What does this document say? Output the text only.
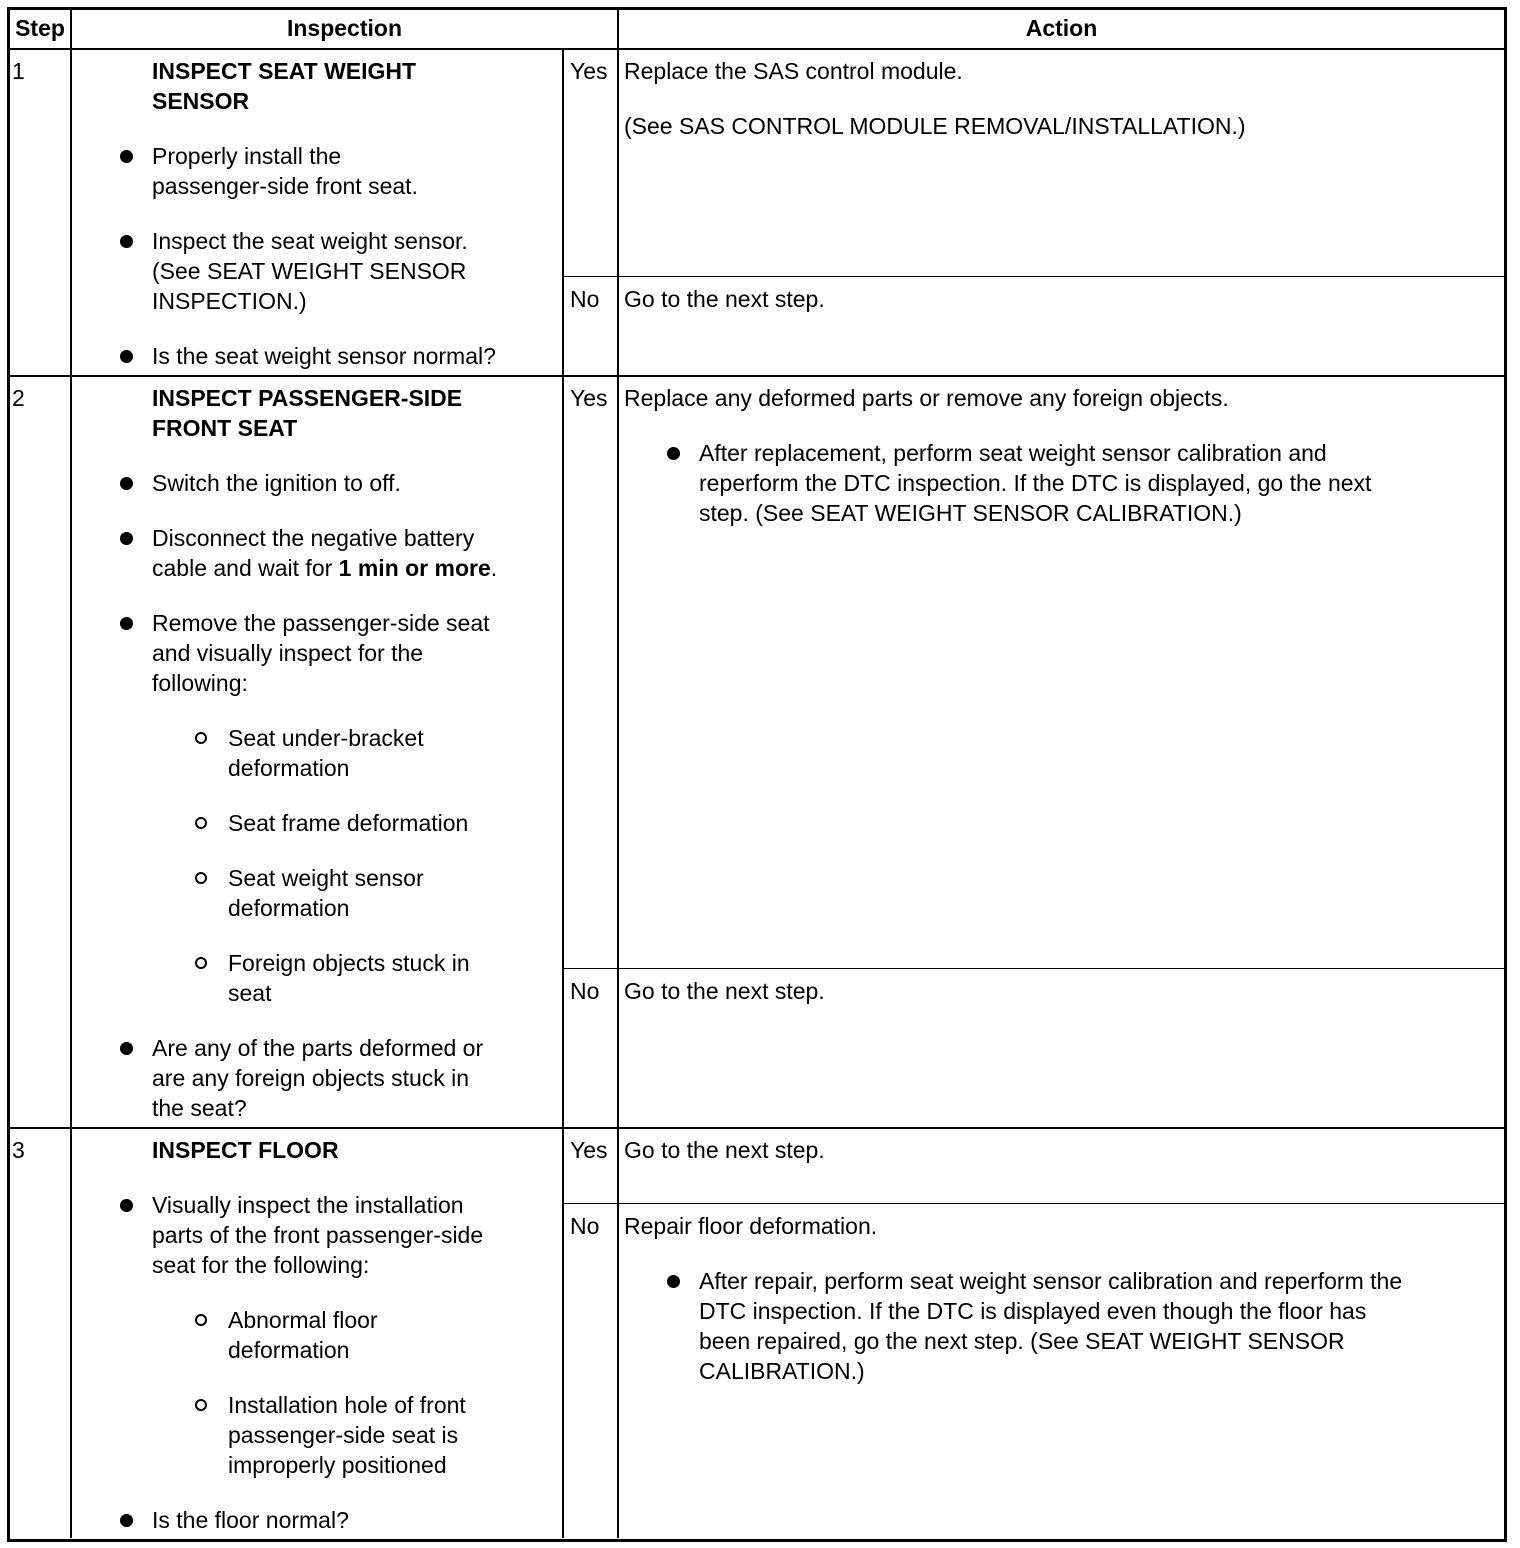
Step	Inspection	Action
1	INSPECT SEAT WEIGHT
SENSOR
Properly install the
passenger-side front seat.
Inspect the seat weight sensor.
(See SEAT WEIGHT SENSOR
INSPECTION.)
Is the seat weight sensor normal?
Yes Replace the SAS control module.
(See SAS CONTROL MODULE REMOVAL/INSTALLATION.)
No Go to the next step.
2	INSPECT PASSENGER-SIDE
FRONT SEAT
Switch the ignition to off.
Disconnect the negative battery
cable and wait for 1 min or more.
Remove the passenger-side seat
and visually inspect for the
following:
Seat under-bracket
deformation
Seat frame deformation
Seat weight sensor
deformation
Foreign objects stuck in
seat
Are any of the parts deformed or
are any foreign objects stuck in
the seat?
Yes Replace any deformed parts or remove any foreign objects.
After replacement, perform seat weight sensor calibration and
reperform the DTC inspection. If the DTC is displayed, go the next
step. (See SEAT WEIGHT SENSOR CALIBRATION.)
No Go to the next step.
3	INSPECT FLOOR
Visually inspect the installation
parts of the front passenger-side
seat for the following:
Abnormal floor
deformation
Installation hole of front
passenger-side seat is
improperly positioned
Is the floor normal?
Yes Go to the next step.
No Repair floor deformation.
After repair, perform seat weight sensor calibration and reperform the
DTC inspection. If the DTC is displayed even though the floor has
been repaired, go the next step. (See SEAT WEIGHT SENSOR
CALIBRATION.)
